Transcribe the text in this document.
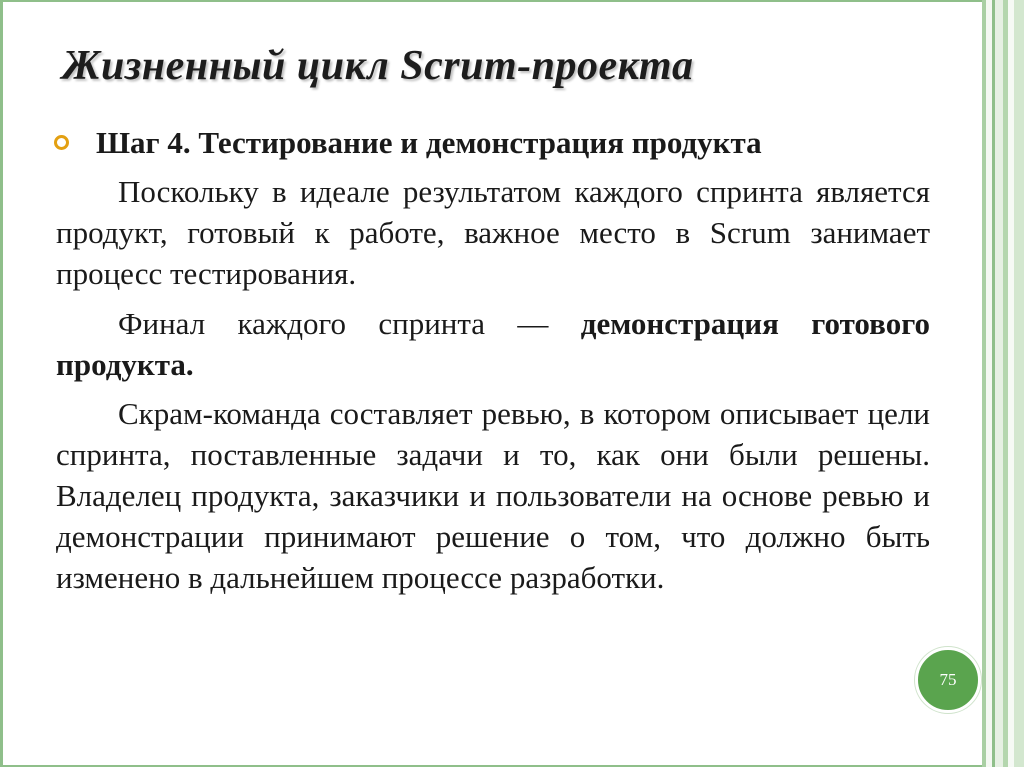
Жизненный цикл Scrum-проекта
Шаг 4. Тестирование и демонстрация продукта
Поскольку в идеале результатом каждого спринта является продукт, готовый к работе, важное место в Scrum занимает процесс тестирования.
Финал каждого спринта — демонстрация готового продукта.
Скрам-команда составляет ревью, в котором описывает цели спринта, поставленные задачи и то, как они были решены. Владелец продукта, заказчики и пользователи на основе ревью и демонстрации принимают решение о том, что должно быть изменено в дальнейшем процессе разработки.
75
